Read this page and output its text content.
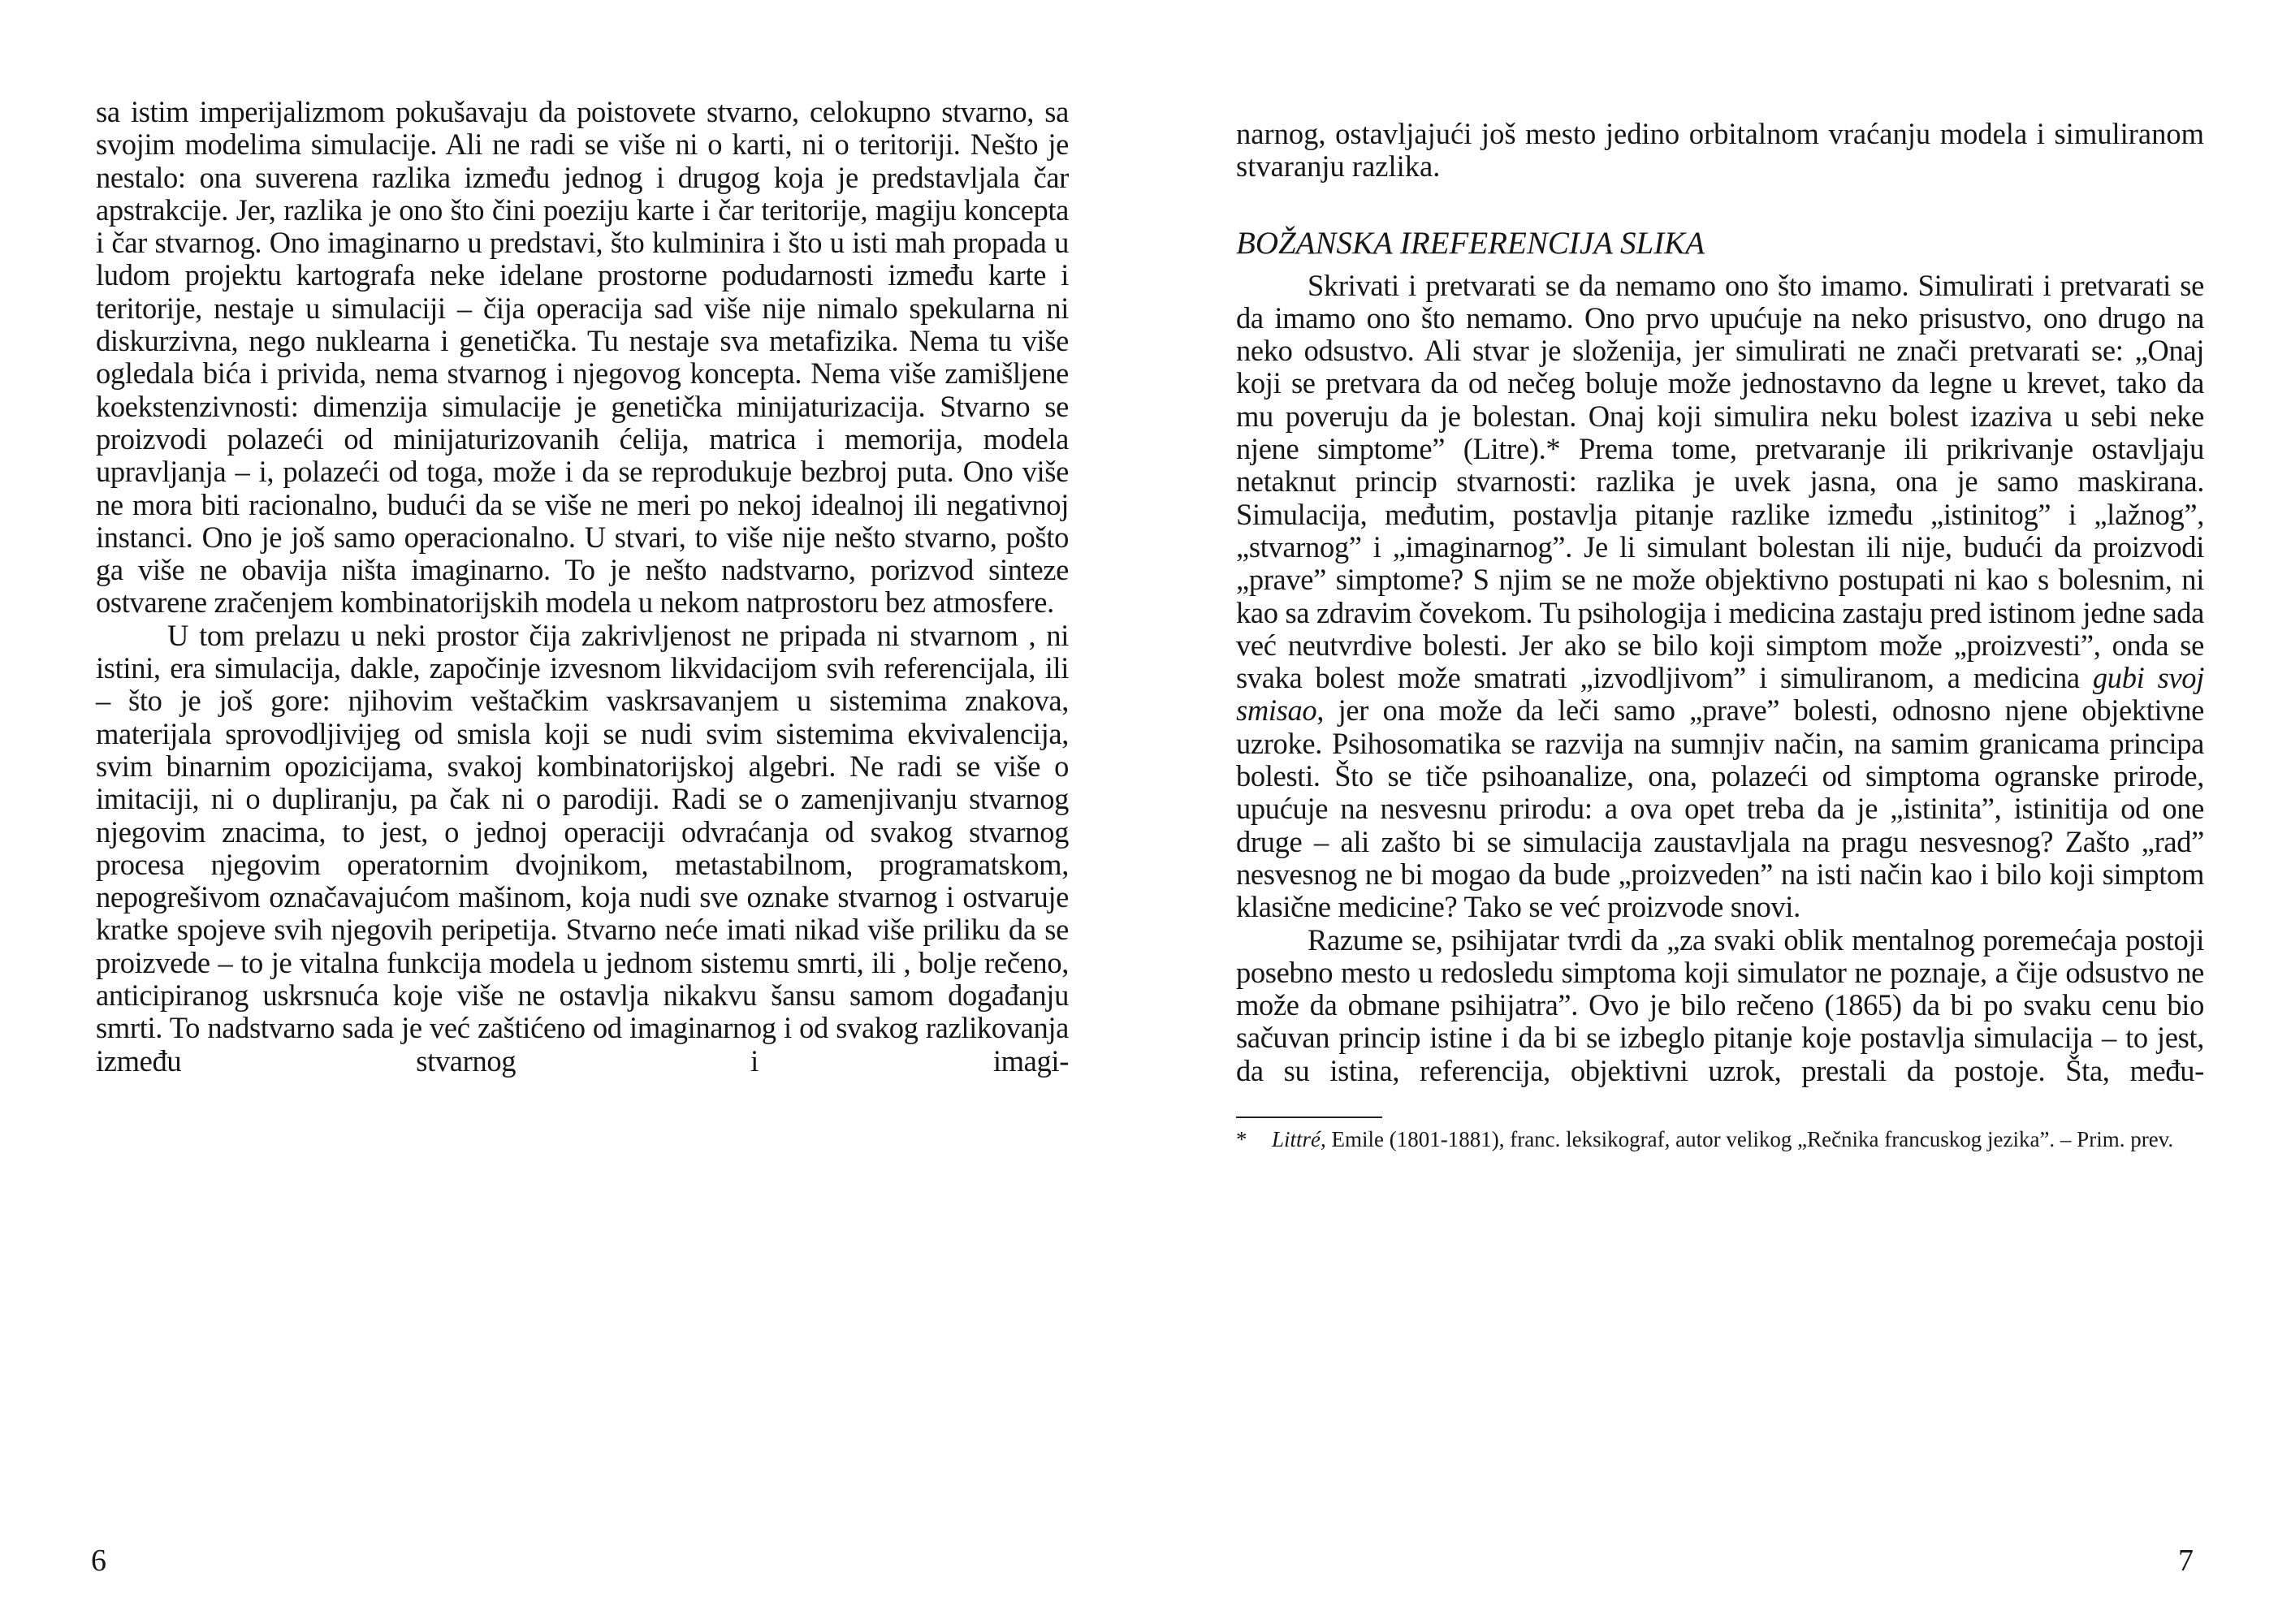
sa istim imperijalizmom pokušavaju da poistovete stvarno, celokupno stvarno, sa svojim modelima simulacije. Ali ne radi se više ni o karti, ni o teritoriji. Nešto je nestalo: ona suverena razlika između jednog i drugog koja je predstavljala čar apstrakcije. Jer, razlika je ono što čini poeziju karte i čar teritorije, magiju koncepta i čar stvarnog. Ono imaginarno u predstavi, što kulminira i što u isti mah propada u ludom projektu kartografa neke idelane prostorne podudarnosti između karte i teritorije, nestaje u simulaciji – čija operacija sad više nije nimalo spekularna ni diskurzivna, nego nuklearna i genetička. Tu nestaje sva metafizika. Nema tu više ogledala bića i privida, nema stvarnog i njegovog koncepta. Nema više zamišljene koekstenzivnosti: dimenzija simulacije je genetička minijaturizacija. Stvarno se proizvodi polazeći od minijaturizovanih ćelija, matrica i memorija, modela upravljanja – i, polazeći od toga, može i da se reprodukuje bezbroj puta. Ono više ne mora biti racionalno, budući da se više ne meri po nekoj idealnoj ili negativnoj instanci. Ono je još samo operacionalno. U stvari, to više nije nešto stvarno, pošto ga više ne obavija ništa imaginarno. To je nešto nadstvarno, porizvod sinteze ostvarene zračenjem kombinatorijskih modela u nekom natprostoru bez atmosfere.

U tom prelazu u neki prostor čija zakrivljenost ne pripada ni stvarnom , ni istini, era simulacija, dakle, započinje izvesnom likvidacijom svih referencijala, ili – što je još gore: njihovim veštačkim vaskrsavanjem u sistemima znakova, materijala sprovodljivijeg od smisla koji se nudi svim sistemima ekvivalencija, svim binarnim opozicijama, svakoj kombinatorijskoj algebri. Ne radi se više o imitaciji, ni o dupliranju, pa čak ni o parodiji. Radi se o zamenjivanju stvarnog njegovim znacima, to jest, o jednoj operaciji odvraćanja od svakog stvarnog procesa njegovim operatornim dvojnikom, metastabilnom, programatskom, nepogrešivom označavajućom mašinom, koja nudi sve oznake stvarnog i ostvaruje kratke spojeve svih njegovih peripetija. Stvarno neće imati nikad više priliku da se proizvede – to je vitalna funkcija modela u jednom sistemu smrti, ili , bolje rečeno, anticipiranog uskrsnuća koje više ne ostavlja nikakvu šansu samom događanju smrti. To nadstvarno sada je već zaštićeno od imaginarnog i od svakog razlikovanja između stvarnog i imagi-

6

narnog, ostavljajući još mesto jedino orbitalnom vraćanju modela i simuliranom stvaranju razlika.

BOŽANSKA IREFERENCIJA SLIKA

Skrivati i pretvarati se da nemamo ono što imamo. Simulirati i pretvarati se da imamo ono što nemamo. Ono prvo upućuje na neko prisustvo, ono drugo na neko odsustvo. Ali stvar je složenija, jer simulirati ne znači pretvarati se: „Onaj koji se pretvara da od nečeg boluje može jednostavno da legne u krevet, tako da mu poveruju da je bolestan. Onaj koji simulira neku bolest izaziva u sebi neke njene simptome” (Litre).* Prema tome, pretvaranje ili prikrivanje ostavljaju netaknut princip stvarnosti: razlika je uvek jasna, ona je samo maskirana. Simulacija, međutim, postavlja pitanje razlike između „istinitog” i „lažnog”, „stvarnog” i „imaginarnog”. Je li simulant bolestan ili nije, budući da proizvodi „prave” simptome? S njim se ne može objektivno postupati ni kao s bolesnim, ni kao sa zdravim čovekom. Tu psihologija i medicina zastaju pred istinom jedne sada već neutvrdive bolesti. Jer ako se bilo koji simptom može „proizvesti”, onda se svaka bolest može smatrati „izvodljivom” i simuliranom, a medicina gubi svoj smisao, jer ona može da leči samo „prave” bolesti, odnosno njene objektivne uzroke. Psihosomatika se razvija na sumnjiv način, na samim granicama principa bolesti. Što se tiče psihoanalize, ona, polazeći od simptoma ogranske prirode, upućuje na nesvesnu prirodu: a ova opet treba da je „istinita”, istinitija od one druge – ali zašto bi se simulacija zaustavljala na pragu nesvesnog? Zašto „rad” nesvesnog ne bi mogao da bude „proizveden” na isti način kao i bilo koji simptom klasične medicine? Tako se već proizvode snovi.

Razume se, psihijatar tvrdi da „za svaki oblik mentalnog poremećaja postoji posebno mesto u redosledu simptoma koji simulator ne poznaje, a čije odsustvo ne može da obmane psihijatra”. Ovo je bilo rečeno (1865) da bi po svaku cenu bio sačuvan princip istine i da bi se izbeglo pitanje koje postavlja simulacija – to jest, da su istina, referencija, objektivni uzrok, prestali da postoje. Šta, među-

*	Littré, Emile (1801-1881), franc. leksikograf, autor velikog „Rečnika francuskog jezika”. – Prim. prev.
7
